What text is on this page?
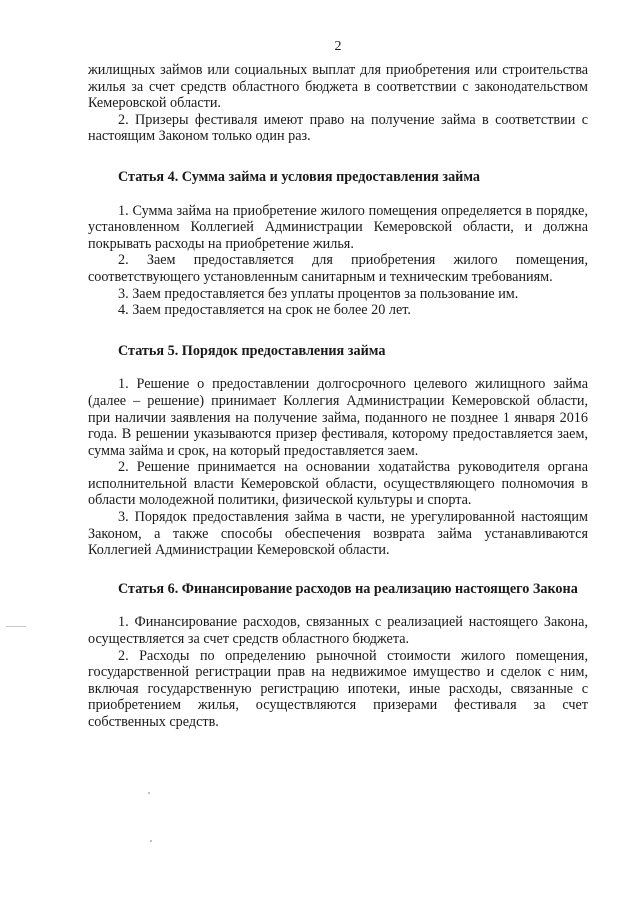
2

жилищных займов или социальных выплат для приобретения или строительства жилья за счет средств областного бюджета в соответствии с законодательством Кемеровской области.

2. Призеры фестиваля имеют право на получение займа в соответствии с настоящим Законом только один раз.

Статья 4. Сумма займа и условия предоставления займа

1. Сумма займа на приобретение жилого помещения определяется в порядке, установленном Коллегией Администрации Кемеровской области, и должна покрывать расходы на приобретение жилья.

2. Заем предоставляется для приобретения жилого помещения, соответствующего установленным санитарным и техническим требованиям.

3. Заем предоставляется без уплаты процентов за пользование им.

4. Заем предоставляется на срок не более 20 лет.

Статья 5. Порядок предоставления займа

1. Решение о предоставлении долгосрочного целевого жилищного займа (далее – решение) принимает Коллегия Администрации Кемеровской области, при наличии заявления на получение займа, поданного не позднее 1 января 2016 года. В решении указываются призер фестиваля, которому предоставляется заем, сумма займа и срок, на который предоставляется заем.

2. Решение принимается на основании ходатайства руководителя органа исполнительной власти Кемеровской области, осуществляющего полномочия в области молодежной политики, физической культуры и спорта.

3. Порядок предоставления займа в части, не урегулированной настоящим Законом, а также способы обеспечения возврата займа устанавливаются Коллегией Администрации Кемеровской области.

Статья 6. Финансирование расходов на реализацию настоящего Закона

1. Финансирование расходов, связанных с реализацией настоящего Закона, осуществляется за счет средств областного бюджета.

2. Расходы по определению рыночной стоимости жилого помещения, государственной регистрации прав на недвижимое имущество и сделок с ним, включая государственную регистрацию ипотеки, иные расходы, связанные с приобретением жилья, осуществляются призерами фестиваля за счет собственных средств.
